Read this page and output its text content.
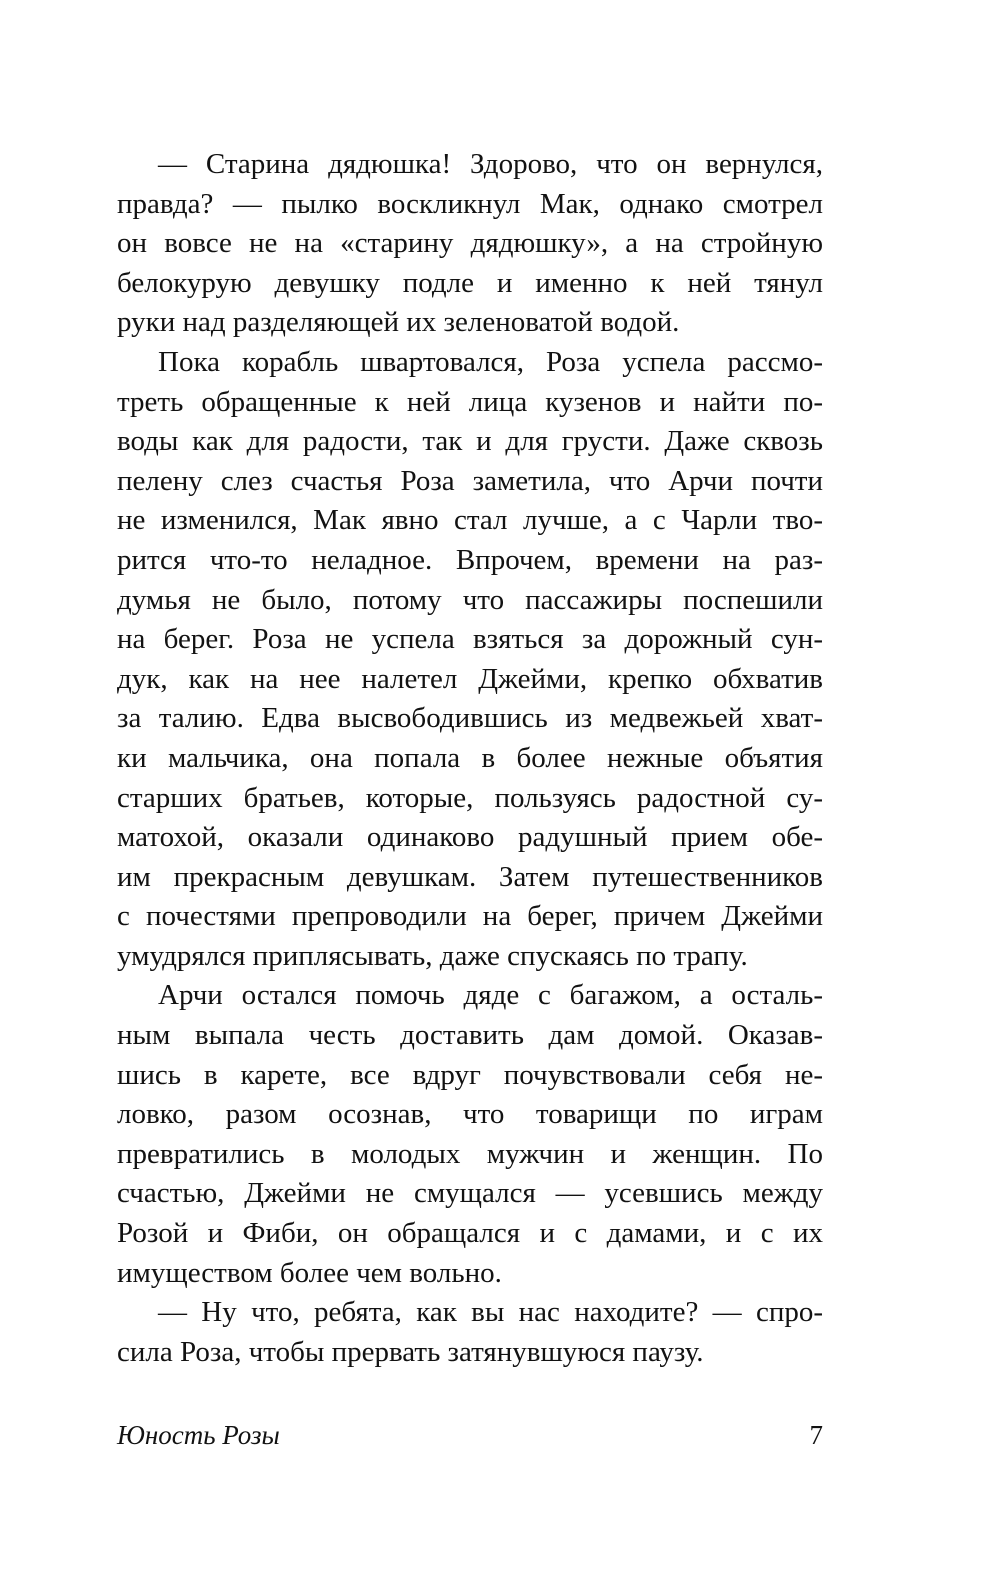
— Старина дядюшка! Здорово, что он вернулся,
правда? — пылко воскликнул Мак, однако смотрел
он вовсе не на «старину дядюшку», а на стройную
белокурую девушку подле и именно к ней тянул
руки над разделяющей их зеленоватой водой.
Пока корабль швартовался, Роза успела рассмо-
треть обращенные к ней лица кузенов и найти по-
воды как для радости, так и для грусти. Даже сквозь
пелену слез счастья Роза заметила, что Арчи почти
не изменился, Мак явно стал лучше, а с Чарли тво-
рится что-то неладное. Впрочем, времени на раз-
думья не было, потому что пассажиры поспешили
на берег. Роза не успела взяться за дорожный сун-
дук, как на нее налетел Джейми, крепко обхватив
за талию. Едва высвободившись из медвежьей хват-
ки мальчика, она попала в более нежные объятия
старших братьев, которые, пользуясь радостной су-
матохой, оказали одинаково радушный прием обе-
им прекрасным девушкам. Затем путешественников
с почестями препроводили на берег, причем Джейми
умудрялся приплясывать, даже спускаясь по трапу.
Арчи остался помочь дяде с багажом, а осталь-
ным выпала честь доставить дам домой. Оказав-
шись в карете, все вдруг почувствовали себя не-
ловко, разом осознав, что товарищи по играм
превратились в молодых мужчин и женщин. По
счастью, Джейми не смущался — усевшись между
Розой и Фиби, он обращался и с дамами, и с их
имуществом более чем вольно.
— Ну что, ребята, как вы нас находите? — спро-
сила Роза, чтобы прервать затянувшуюся паузу.
Юность Розы	7
